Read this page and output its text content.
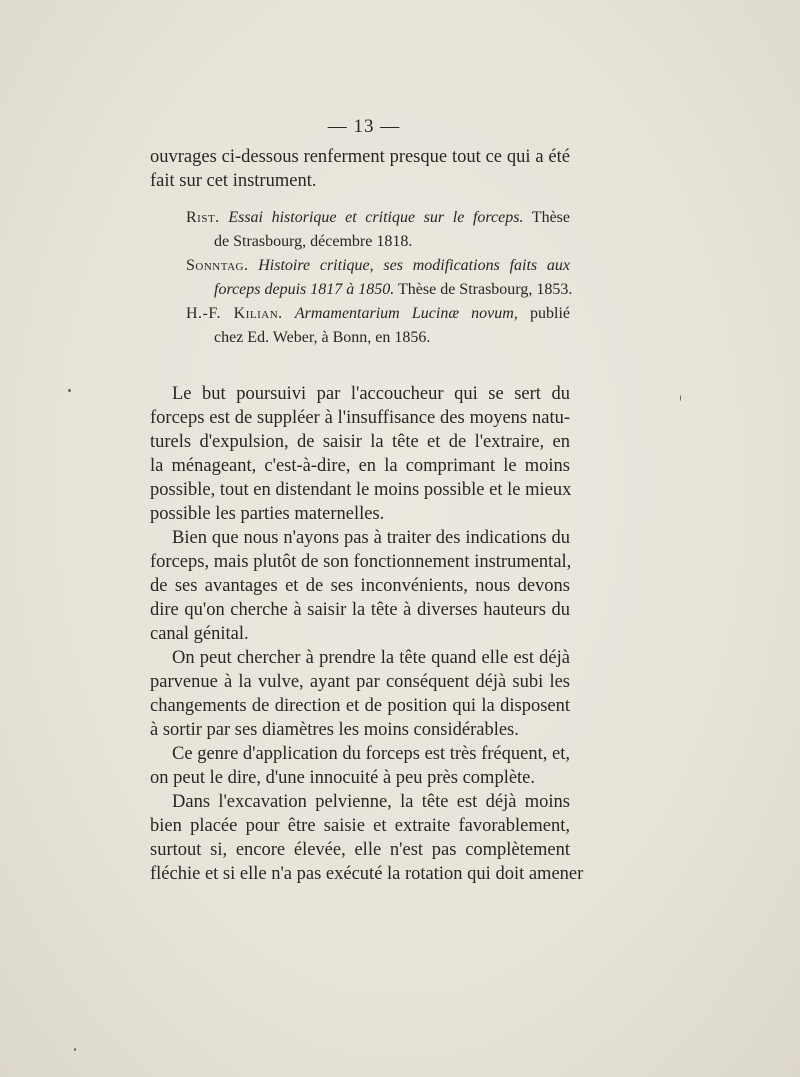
— 13 —
ouvrages ci-dessous renferment presque tout ce qui a été
fait sur cet instrument.
Rist. Essai historique et critique sur le forceps. Thèse
de Strasbourg, décembre 1818.
Sonntag. Histoire critique, ses modifications faits aux
forceps depuis 1817 à 1850. Thèse de Strasbourg, 1853.
H.-F. Kilian. Armamentarium Lucinæ novum, publié
chez Ed. Weber, à Bonn, en 1856.
Le but poursuivi par l'accoucheur qui se sert du
forceps est de suppléer à l'insuffisance des moyens natu-
turels d'expulsion, de saisir la tête et de l'extraire, en
la ménageant, c'est-à-dire, en la comprimant le moins
possible, tout en distendant le moins possible et le mieux
possible les parties maternelles.
Bien que nous n'ayons pas à traiter des indications du
forceps, mais plutôt de son fonctionnement instrumental,
de ses avantages et de ses inconvénients, nous devons
dire qu'on cherche à saisir la tête à diverses hauteurs du
canal génital.
On peut chercher à prendre la tête quand elle est déjà
parvenue à la vulve, ayant par conséquent déjà subi les
changements de direction et de position qui la disposent
à sortir par ses diamètres les moins considérables.
Ce genre d'application du forceps est très fréquent, et,
on peut le dire, d'une innocuité à peu près complète.
Dans l'excavation pelvienne, la tête est déjà moins
bien placée pour être saisie et extraite favorablement,
surtout si, encore élevée, elle n'est pas complètement
fléchie et si elle n'a pas exécuté la rotation qui doit amener
